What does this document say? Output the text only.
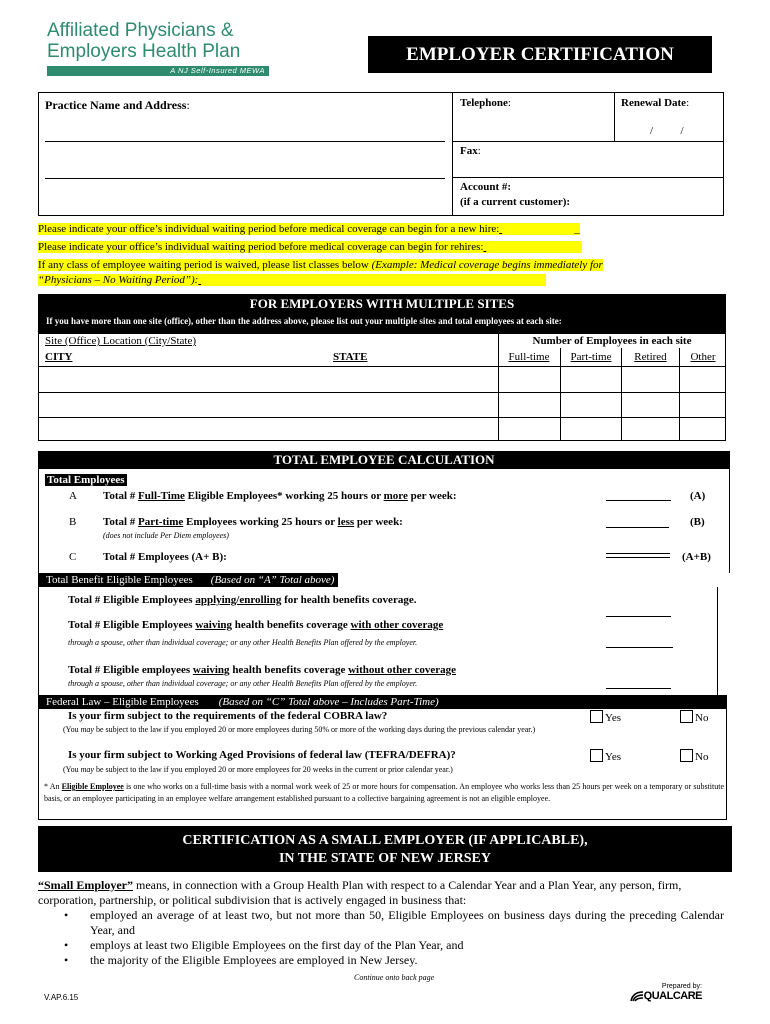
Affiliated Physicians &
Employers Health Plan
A NJ Self-Insured MEWA
EMPLOYER CERTIFICATION
Practice Name and Address:	Telephone:	Renewal Date:
/          /
Fax:
Account #:
(if a current customer):
Please indicate your office’s individual waiting period before medical coverage can begin for a new hire:	_
Please indicate your office’s individual waiting period before medical coverage can begin for rehires:
If any class of employee waiting period is waived, please list classes below (Example: Medical coverage begins immediately for
“Physicians – No Waiting Period”):
FOR EMPLOYERS WITH MULTIPLE SITES
If you have more than one site (office), other than the address above, please list out your multiple sites and total employees at each site:
Site (Office) Location (City/State)
CITY	STATE
Number of Employees in each site
Full-time	Part-time	Retired	Other
TOTAL EMPLOYEE CALCULATION
Total Employees
A Total # Full-Time Eligible Employees* working 25 hours or more per week:	(A)
B Total # Part-time Employees working 25 hours or less per week:
(does not include Per Diem employees)
(B)
C Total # Employees (A+ B):	(A+B)
Total Benefit Eligible Employees (Based on “A” Total above)
Total # Eligible Employees applying/enrolling for health benefits coverage.
Total # Eligible Employees waiving health benefits coverage with other coverage
through a spouse, other than individual coverage; or any other Health Benefits Plan offered by the employer.
Total # Eligible employees waiving health benefits coverage without other coverage
through a spouse, other than individual coverage; or any other Health Benefits Plan offered by the employer.
Federal Law – Eligible Employees (Based on “C” Total above – Includes Part-Time)
Is your firm subject to the requirements of the federal COBRA law?	Yes	No
(You may be subject to the law if you employed 20 or more employees during 50% or more of the working days during the previous calendar year.)
Is your firm subject to Working Aged Provisions of federal law (TEFRA/DEFRA)?	Yes	No
(You may be subject to the law if you employed 20 or more employees for 20 weeks in the current or prior calendar year.)
* An Eligible Employee is one who works on a full-time basis with a normal work week of 25 or more hours for compensation. An employee who works less than 25 hours per week on a temporary or substitute basis, or an employee participating in an employee welfare arrangement established pursuant to a collective bargaining agreement is not an eligible employee.
CERTIFICATION AS A SMALL EMPLOYER (IF APPLICABLE),
IN THE STATE OF NEW JERSEY
“Small Employer” means, in connection with a Group Health Plan with respect to a Calendar Year and a Plan Year, any person, firm, corporation, partnership, or political subdivision that is actively engaged in business that:
•	employed an average of at least two, but not more than 50, Eligible Employees on business days during the preceding Calendar Year, and
•	employs at least two Eligible Employees on the first day of the Plan Year, and
•	the majority of the Eligible Employees are employed in New Jersey.
Continue onto back page
V.AP.6.15
Prepared by:
QUALCARE
